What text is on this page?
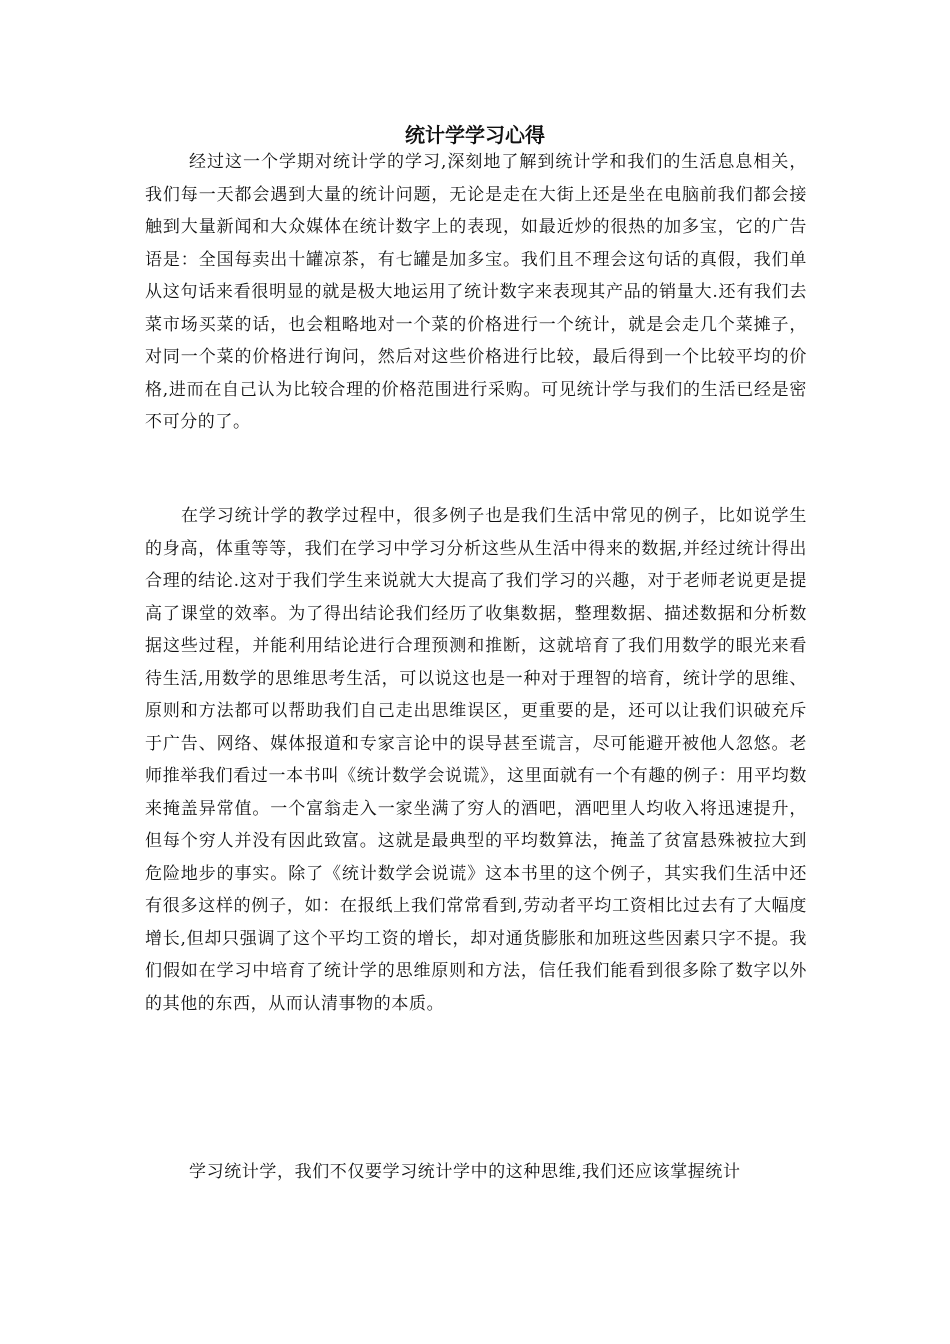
统计学学习心得

经过这一个学期对统计学的学习,深刻地了解到统计学和我们的生活息息相关，我们每一天都会遇到大量的统计问题，无论是走在大街上还是坐在电脑前我们都会接触到大量新闻和大众媒体在统计数字上的表现，如最近炒的很热的加多宝，它的广告语是：全国每卖出十罐凉茶，有七罐是加多宝。我们且不理会这句话的真假，我们单从这句话来看很明显的就是极大地运用了统计数字来表现其产品的销量大.还有我们去菜市场买菜的话，也会粗略地对一个菜的价格进行一个统计，就是会走几个菜摊子，对同一个菜的价格进行询问，然后对这些价格进行比较，最后得到一个比较平均的价格,进而在自己认为比较合理的价格范围进行采购。可见统计学与我们的生活已经是密不可分的了。

在学习统计学的教学过程中，很多例子也是我们生活中常见的例子，比如说学生的身高，体重等等，我们在学习中学习分析这些从生活中得来的数据,并经过统计得出合理的结论.这对于我们学生来说就大大提高了我们学习的兴趣，对于老师老说更是提高了课堂的效率。为了得出结论我们经历了收集数据，整理数据、描述数据和分析数据这些过程，并能利用结论进行合理预测和推断，这就培育了我们用数学的眼光来看待生活,用数学的思维思考生活，可以说这也是一种对于理智的培育，统计学的思维、原则和方法都可以帮助我们自己走出思维误区，更重要的是，还可以让我们识破充斥于广告、网络、媒体报道和专家言论中的误导甚至谎言，尽可能避开被他人忽悠。老师推举我们看过一本书叫《统计数学会说谎》，这里面就有一个有趣的例子：用平均数来掩盖异常值。一个富翁走入一家坐满了穷人的酒吧，酒吧里人均收入将迅速提升，但每个穷人并没有因此致富。这就是最典型的平均数算法，掩盖了贫富悬殊被拉大到危险地步的事实。除了《统计数学会说谎》这本书里的这个例子，其实我们生活中还有很多这样的例子，如：在报纸上我们常常看到,劳动者平均工资相比过去有了大幅度增长,但却只强调了这个平均工资的增长，却对通货膨胀和加班这些因素只字不提。我们假如在学习中培育了统计学的思维原则和方法，信任我们能看到很多除了数字以外的其他的东西，从而认清事物的本质。

学习统计学，我们不仅要学习统计学中的这种思维,我们还应该掌握统计
